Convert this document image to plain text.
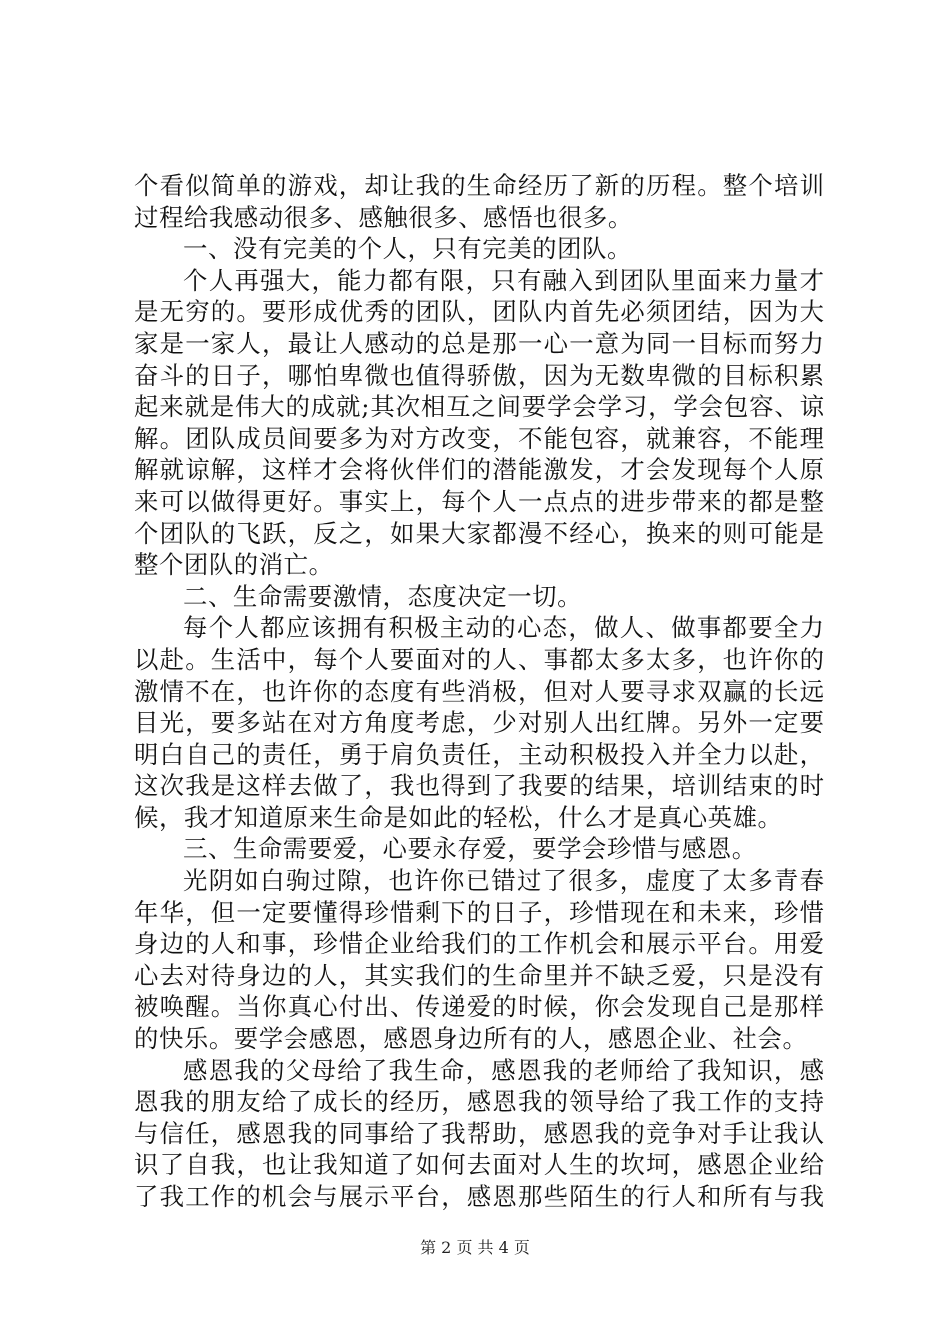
个看似简单的游戏，却让我的生命经历了新的历程。整个培训
过程给我感动很多、感触很多、感悟也很多。
一、没有完美的个人，只有完美的团队。
个人再强大，能力都有限，只有融入到团队里面来力量才
是无穷的。要形成优秀的团队，团队内首先必须团结，因为大
家是一家人，最让人感动的总是那一心一意为同一目标而努力
奋斗的日子，哪怕卑微也值得骄傲，因为无数卑微的目标积累
起来就是伟大的成就;其次相互之间要学会学习，学会包容、谅
解。团队成员间要多为对方改变，不能包容，就兼容，不能理
解就谅解，这样才会将伙伴们的潜能激发，才会发现每个人原
来可以做得更好。事实上，每个人一点点的进步带来的都是整
个团队的飞跃，反之，如果大家都漫不经心，换来的则可能是
整个团队的消亡。
二、生命需要激情，态度决定一切。
每个人都应该拥有积极主动的心态，做人、做事都要全力
以赴。生活中，每个人要面对的人、事都太多太多，也许你的
激情不在，也许你的态度有些消极，但对人要寻求双赢的长远
目光，要多站在对方角度考虑，少对别人出红牌。另外一定要
明白自己的责任，勇于肩负责任，主动积极投入并全力以赴，
这次我是这样去做了，我也得到了我要的结果，培训结束的时
候，我才知道原来生命是如此的轻松，什么才是真心英雄。
三、生命需要爱，心要永存爱，要学会珍惜与感恩。
光阴如白驹过隙，也许你已错过了很多，虚度了太多青春
年华，但一定要懂得珍惜剩下的日子，珍惜现在和未来，珍惜
身边的人和事，珍惜企业给我们的工作机会和展示平台。用爱
心去对待身边的人，其实我们的生命里并不缺乏爱，只是没有
被唤醒。当你真心付出、传递爱的时候，你会发现自己是那样
的快乐。要学会感恩，感恩身边所有的人，感恩企业、社会。
感恩我的父母给了我生命，感恩我的老师给了我知识，感
恩我的朋友给了成长的经历，感恩我的领导给了我工作的支持
与信任，感恩我的同事给了我帮助，感恩我的竞争对手让我认
识了自我，也让我知道了如何去面对人生的坎坷，感恩企业给
了我工作的机会与展示平台，感恩那些陌生的行人和所有与我
第 2 页 共 4 页
